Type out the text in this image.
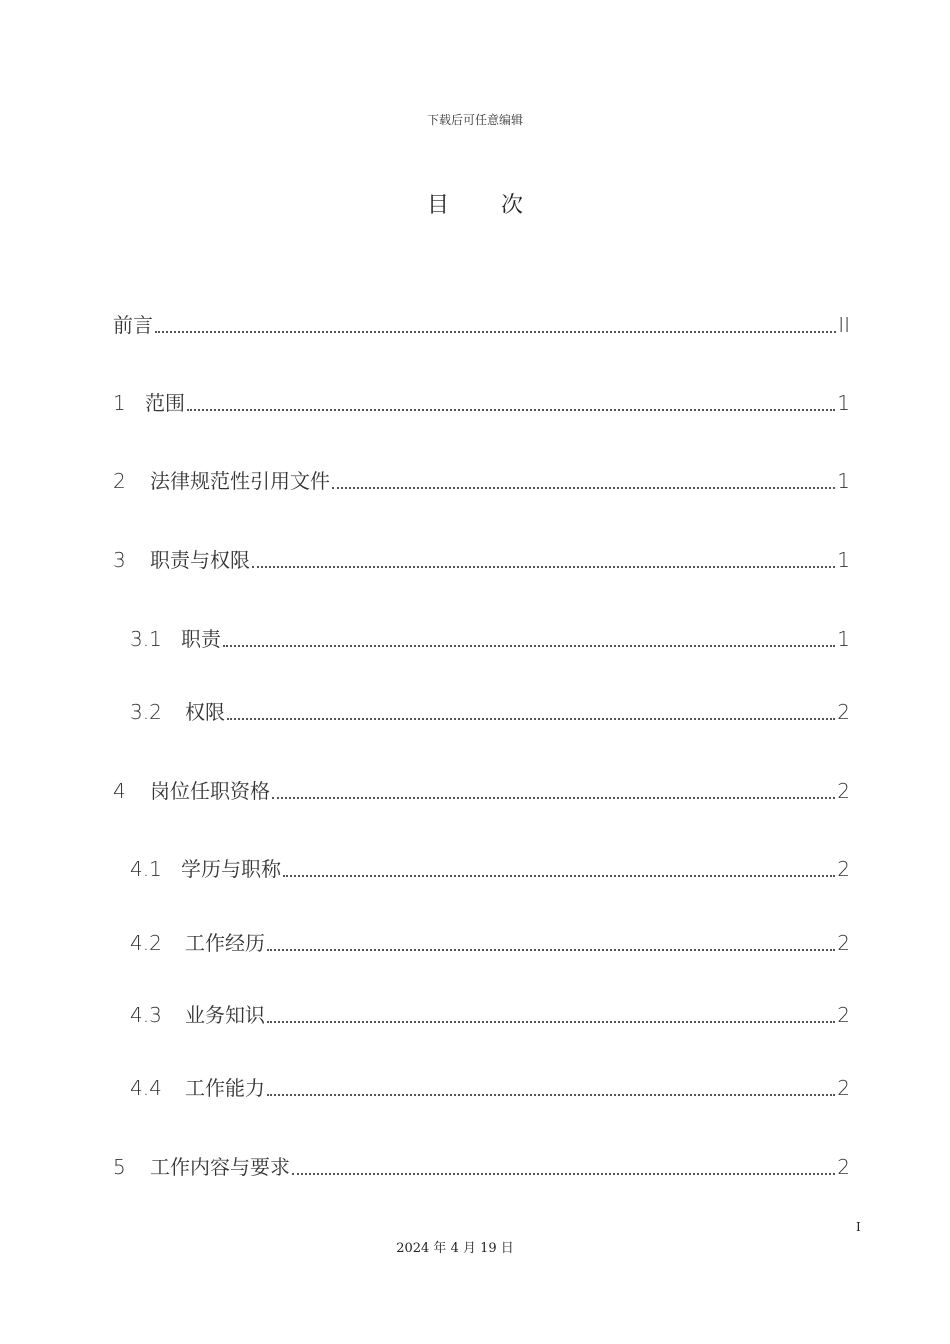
下载后可任意编辑
目 次
前言	II
1 范围	1
2	法律规范性引用文件	1
3	职责与权限	1
3.1 职责	1
3.2	权限	2
4	岗位任职资格	2
4.1 学历与职称	2
4.2	工作经历	2
4.3	业务知识	2
4.4	工作能力	2
5	工作内容与要求	2
I
2024 年 4 月 19 日
